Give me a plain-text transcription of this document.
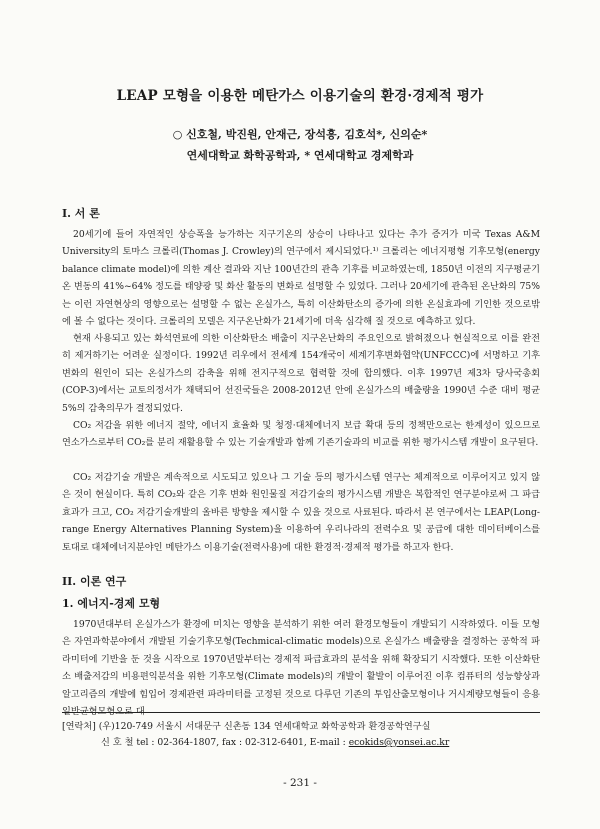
LEAP 모형을 이용한 메탄가스 이용기술의 환경·경제적 평가
○ 신호철, 박진원, 안재근, 장석흥, 김호석*, 신의순*
연세대학교 화학공학과, * 연세대학교 경제학과
I. 서 론
20세기에 들어 자연적인 상승폭을 능가하는 지구기온의 상승이 나타나고 있다는 추가 증거가 미국 Texas A&M University의 토마스 크롤리(Thomas J. Crowley)의 연구에서 제시되었다.¹⁾ 크롤리는 에너지평형 기후모형(energy balance climate model)에 의한 계산 결과와 지난 100년간의 관측 기후를 비교하였는데, 1850년 이전의 지구평균기온 변동의 41%~64% 정도를 태양광 및 화산 활동의 변화로 설명할 수 있었다. 그러나 20세기에 관측된 온난화의 75%는 이런 자연현상의 영향으로는 설명할 수 없는 온실가스, 특히 이산화탄소의 증가에 의한 온실효과에 기인한 것으로밖에 볼 수 없다는 것이다. 크롤리의 모델은 지구온난화가 21세기에 더욱 심각해 질 것으로 예측하고 있다.
현재 사용되고 있는 화석연료에 의한 이산화탄소 배출이 지구온난화의 주요인으로 밝혀졌으나 현실적으로 이를 완전히 제거하기는 어려운 실정이다. 1992년 리우에서 전세계 154개국이 세계기후변화협약(UNFCCC)에 서명하고 기후변화의 원인이 되는 온실가스의 감축을 위해 전지구적으로 협력할 것에 합의했다. 이후 1997년 제3차 당사국총회(COP-3)에서는 교토의정서가 채택되어 선진국들은 2008-2012년 안에 온실가스의 배출량을 1990년 수준 대비 평균 5%의 감축의무가 결정되었다.
CO₂ 저감을 위한 에너지 절약, 에너지 효율화 및 청정·대체에너지 보급 확대 등의 정책만으로는 한계성이 있으므로 연소가스로부터 CO₂를 분리 재활용할 수 있는 기술개발과 함께 기존기술과의 비교를 위한 평가시스템 개발이 요구된다.
CO₂ 저감기술 개발은 계속적으로 시도되고 있으나 그 기술 등의 평가시스템 연구는 체계적으로 이루어지고 있지 않은 것이 현실이다. 특히 CO₂와 같은 기후 변화 원인물질 저감기술의 평가시스템 개발은 복합적인 연구분야로써 그 파급효과가 크고, CO₂ 저감기술개발의 올바른 방향을 제시할 수 있을 것으로 사료된다. 따라서 본 연구에서는 LEAP(Long-range Energy Alternatives Planning System)을 이용하여 우리나라의 전력수요 및 공급에 대한 데이터베이스를 토대로 대체에너지분야인 메탄가스 이용기술(전력사용)에 대한 환경적·경제적 평가를 하고자 한다.
II. 이론 연구
1. 에너지-경제 모형
1970년대부터 온실가스가 환경에 미치는 영향을 분석하기 위한 여러 환경모형들이 개발되기 시작하였다. 이들 모형은 자연과학분야에서 개발된 기술기후모형(Techmical-climatic models)으로 온실가스 배출량을 결정하는 공학적 파라미터에 기반을 둔 것을 시작으로 1970년말부터는 경제적 파급효과의 분석을 위해 확장되기 시작했다. 또한 이산화탄소 배출저감의 비용편익분석을 위한 기후모형(Climate models)의 개발이 활발이 이루어진 이후 컴퓨터의 성능향상과 알고리즘의 개발에 힘입어 경제관련 파라미터를 고정된 것으로 다루던 기존의 투입산출모형이나 거시계량모형들이 응용일반균형모형으로 대
[연락처] (우)120-749 서울시 서대문구 신촌동 134 연세대학교 화학공학과 환경공학연구실
신 호 철 tel : 02-364-1807, fax : 02-312-6401, E-mail : ecokids@yonsei.ac.kr
- 231 -
